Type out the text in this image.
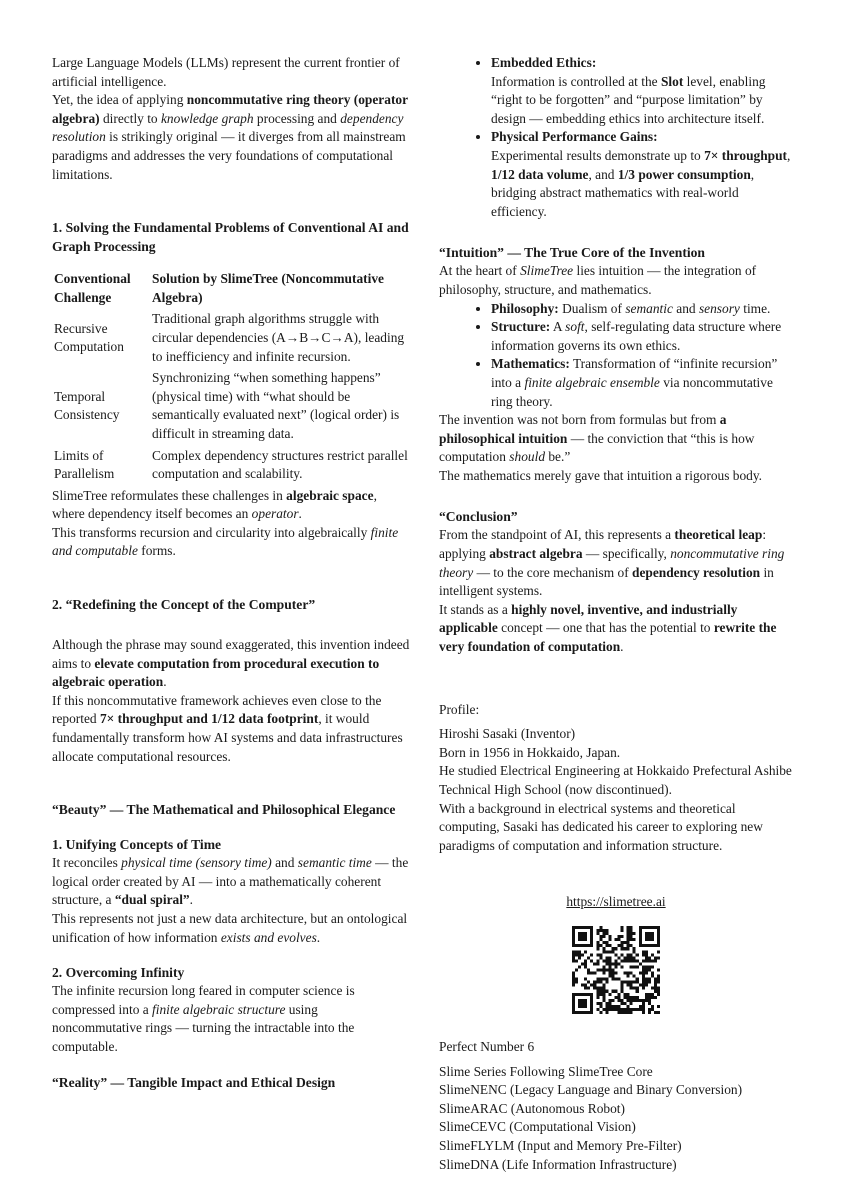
Large Language Models (LLMs) represent the current frontier of artificial intelligence.

Yet, the idea of applying noncommutative ring theory (operator algebra) directly to knowledge graph processing and dependency resolution is strikingly original — it diverges from all mainstream paradigms and addresses the very foundations of computational limitations.

1. Solving the Fundamental Problems of Conventional AI and Graph Processing
Conventional Challenge	Solution by SlimeTree (Noncommutative Algebra)
Recursive Computation	Traditional graph algorithms struggle with circular dependencies (A→B→C→A), leading to inefficiency and infinite recursion.
Temporal Consistency	Synchronizing “when something happens” (physical time) with “what should be semantically evaluated next” (logical order) is difficult in streaming data.
Limits of Parallelism	Complex dependency structures restrict parallel computation and scalability.

SlimeTree reformulates these challenges in algebraic space, where dependency itself becomes an operator.

This transforms recursion and circularity into algebraically finite and computable forms.

2. “Redefining the Concept of the Computer”

Although the phrase may sound exaggerated, this invention indeed aims to elevate computation from procedural execution to algebraic operation.

If this noncommutative framework achieves even close to the reported 7× throughput and 1/12 data footprint, it would fundamentally transform how AI systems and data infrastructures allocate computational resources.

“Beauty” — The Mathematical and Philosophical Elegance
1. Unifying Concepts of Time

It reconciles physical time (sensory time) and semantic time — the logical order created by AI — into a mathematically coherent structure, a “dual spiral”.

This represents not just a new data architecture, but an ontological unification of how information exists and evolves.

2. Overcoming Infinity

The infinite recursion long feared in computer science is compressed into a finite algebraic structure using noncommutative rings — turning the intractable into the computable.

“Reality” — Tangible Impact and Ethical Design
• Embedded Ethics:
Information is controlled at the Slot level, enabling “right to be forgotten” and “purpose limitation” by design — embedding ethics into architecture itself.
• Physical Performance Gains:
Experimental results demonstrate up to 7× throughput, 1/12 data volume, and 1/3 power consumption, bridging abstract mathematics with real-world efficiency.
“Intuition” — The True Core of the Invention

At the heart of SlimeTree lies intuition — the integration of philosophy, structure, and mathematics.

• Philosophy: Dualism of semantic and sensory time.
• Structure: A soft, self-regulating data structure where information governs its own ethics.
• Mathematics: Transformation of “infinite recursion” into a finite algebraic ensemble via noncommutative ring theory.

The invention was not born from formulas but from a philosophical intuition — the conviction that “this is how computation should be.”

The mathematics merely gave that intuition a rigorous body.

“Conclusion”

From the standpoint of AI, this represents a theoretical leap: applying abstract algebra — specifically, noncommutative ring theory — to the core mechanism of dependency resolution in intelligent systems.

It stands as a highly novel, inventive, and industrially applicable concept — one that has the potential to rewrite the very foundation of computation.

Profile:

Hiroshi Sasaki (Inventor)

Born in 1956 in Hokkaido, Japan.

He studied Electrical Engineering at Hokkaido Prefectural Ashibe Technical High School (now discontinued).

With a background in electrical systems and theoretical computing, Sasaki has dedicated his career to exploring new paradigms of computation and information structure.

https://slimetree.ai

Perfect Number 6

Slime Series Following SlimeTree Core

SlimeNENC (Legacy Language and Binary Conversion)

SlimeARAC (Autonomous Robot)

SlimeCEVC (Computational Vision)

SlimeFLYLM (Input and Memory Pre-Filter)

SlimeDNA (Life Information Infrastructure)
